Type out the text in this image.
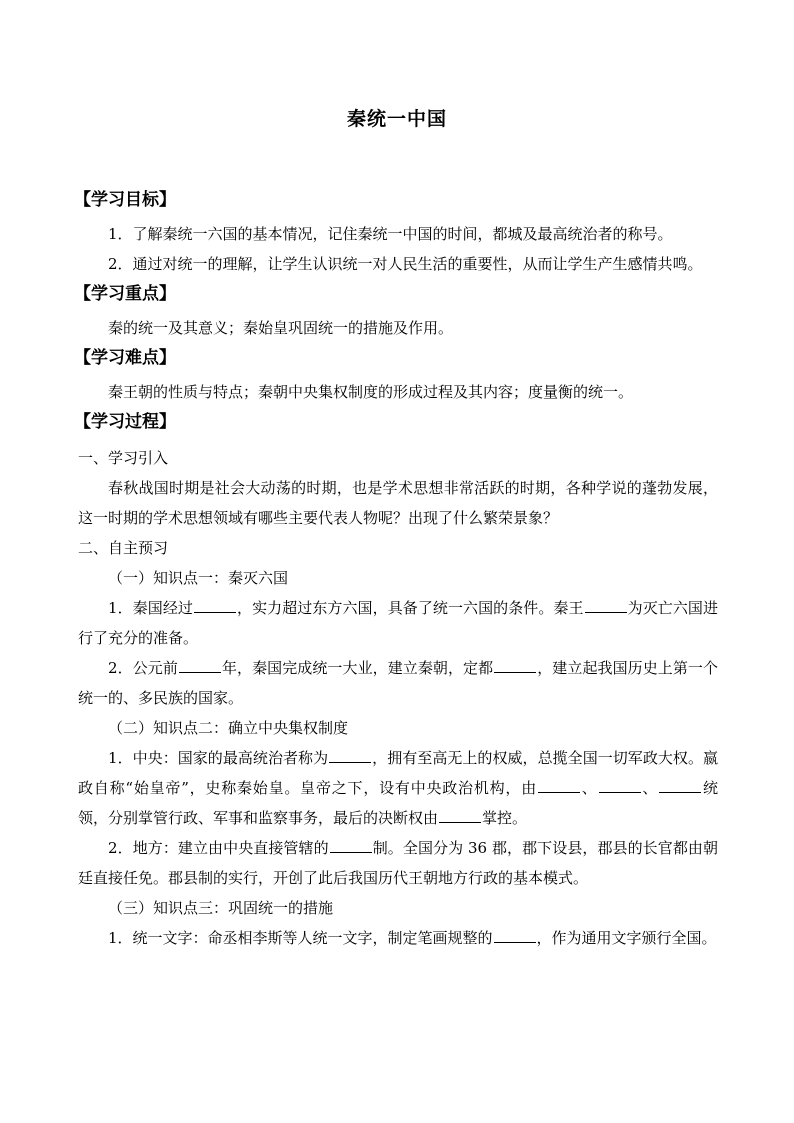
秦统一中国
【学习目标】
1．了解秦统一六国的基本情况，记住秦统一中国的时间，都城及最高统治者的称号。
2．通过对统一的理解，让学生认识统一对人民生活的重要性，从而让学生产生感情共鸣。
【学习重点】
秦的统一及其意义；秦始皇巩固统一的措施及作用。
【学习难点】
秦王朝的性质与特点；秦朝中央集权制度的形成过程及其内容；度量衡的统一。
【学习过程】
一、学习引入
春秋战国时期是社会大动荡的时期，也是学术思想非常活跃的时期，各种学说的蓬勃发展，这一时期的学术思想领域有哪些主要代表人物呢？出现了什么繁荣景象？
二、自主预习
（一）知识点一：秦灭六国
1．秦国经过	，实力超过东方六国，具备了统一六国的条件。秦王	为灭亡六国进行了充分的准备。
2．公元前	年，秦国完成统一大业，建立秦朝，定都	，建立起我国历史上第一个统一的、多民族的国家。
（二）知识点二：确立中央集权制度
1．中央：国家的最高统治者称为	，拥有至高无上的权威，总揽全国一切军政大权。嬴政自称“始皇帝”，史称秦始皇。皇帝之下，设有中央政治机构，由	、	、	统领，分别掌管行政、军事和监察事务，最后的决断权由	掌控。
2．地方：建立由中央直接管辖的	制。全国分为 36 郡，郡下设县，郡县的长官都由朝廷直接任免。郡县制的实行，开创了此后我国历代王朝地方行政的基本模式。
（三）知识点三：巩固统一的措施
1．统一文字：命丞相李斯等人统一文字，制定笔画规整的	，作为通用文字颁行全国。
